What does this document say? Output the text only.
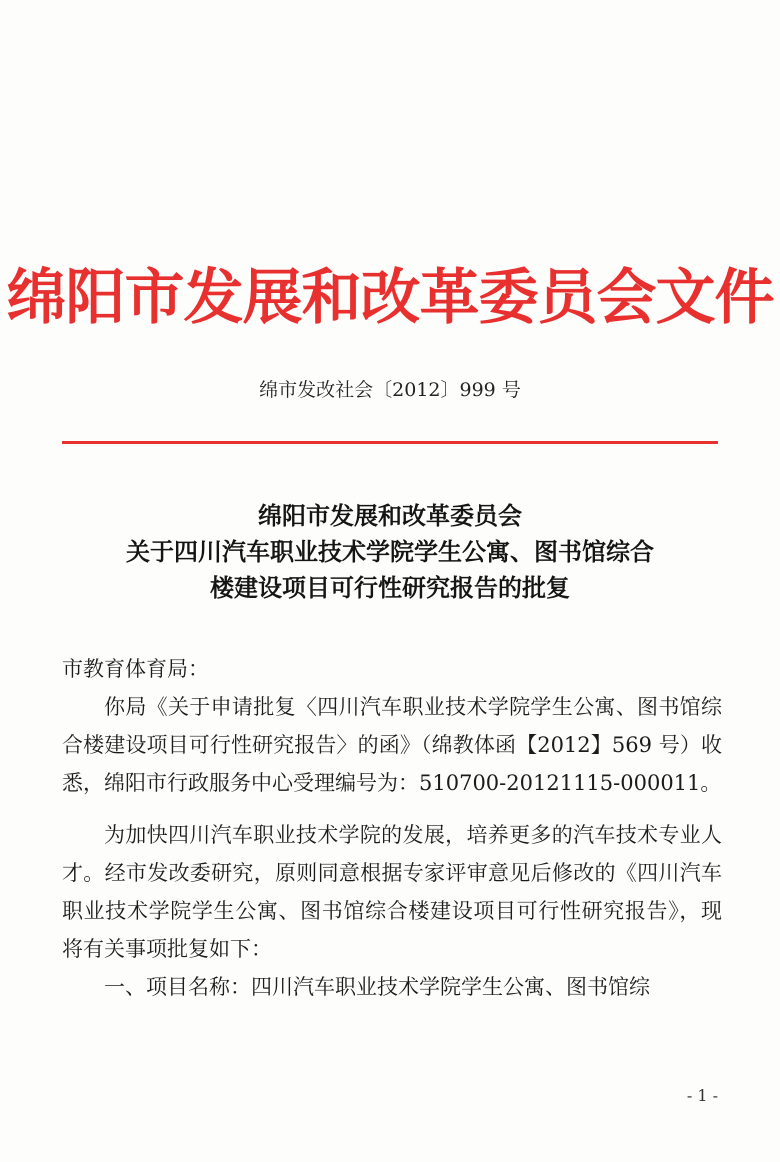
绵阳市发展和改革委员会文件
绵市发改社会〔2012〕999 号
绵阳市发展和改革委员会
关于四川汽车职业技术学院学生公寓、图书馆综合
楼建设项目可行性研究报告的批复

市教育体育局：

你局《关于申请批复〈四川汽车职业技术学院学生公寓、图书馆综合楼建设项目可行性研究报告〉的函》（绵教体函【2012】569 号）收悉，绵阳市行政服务中心受理编号为：510700-20121115-000011。

为加快四川汽车职业技术学院的发展，培养更多的汽车技术专业人才。经市发改委研究，原则同意根据专家评审意见后修改的《四川汽车职业技术学院学生公寓、图书馆综合楼建设项目可行性研究报告》，现将有关事项批复如下：

一、项目名称：四川汽车职业技术学院学生公寓、图书馆综

- 1 -
